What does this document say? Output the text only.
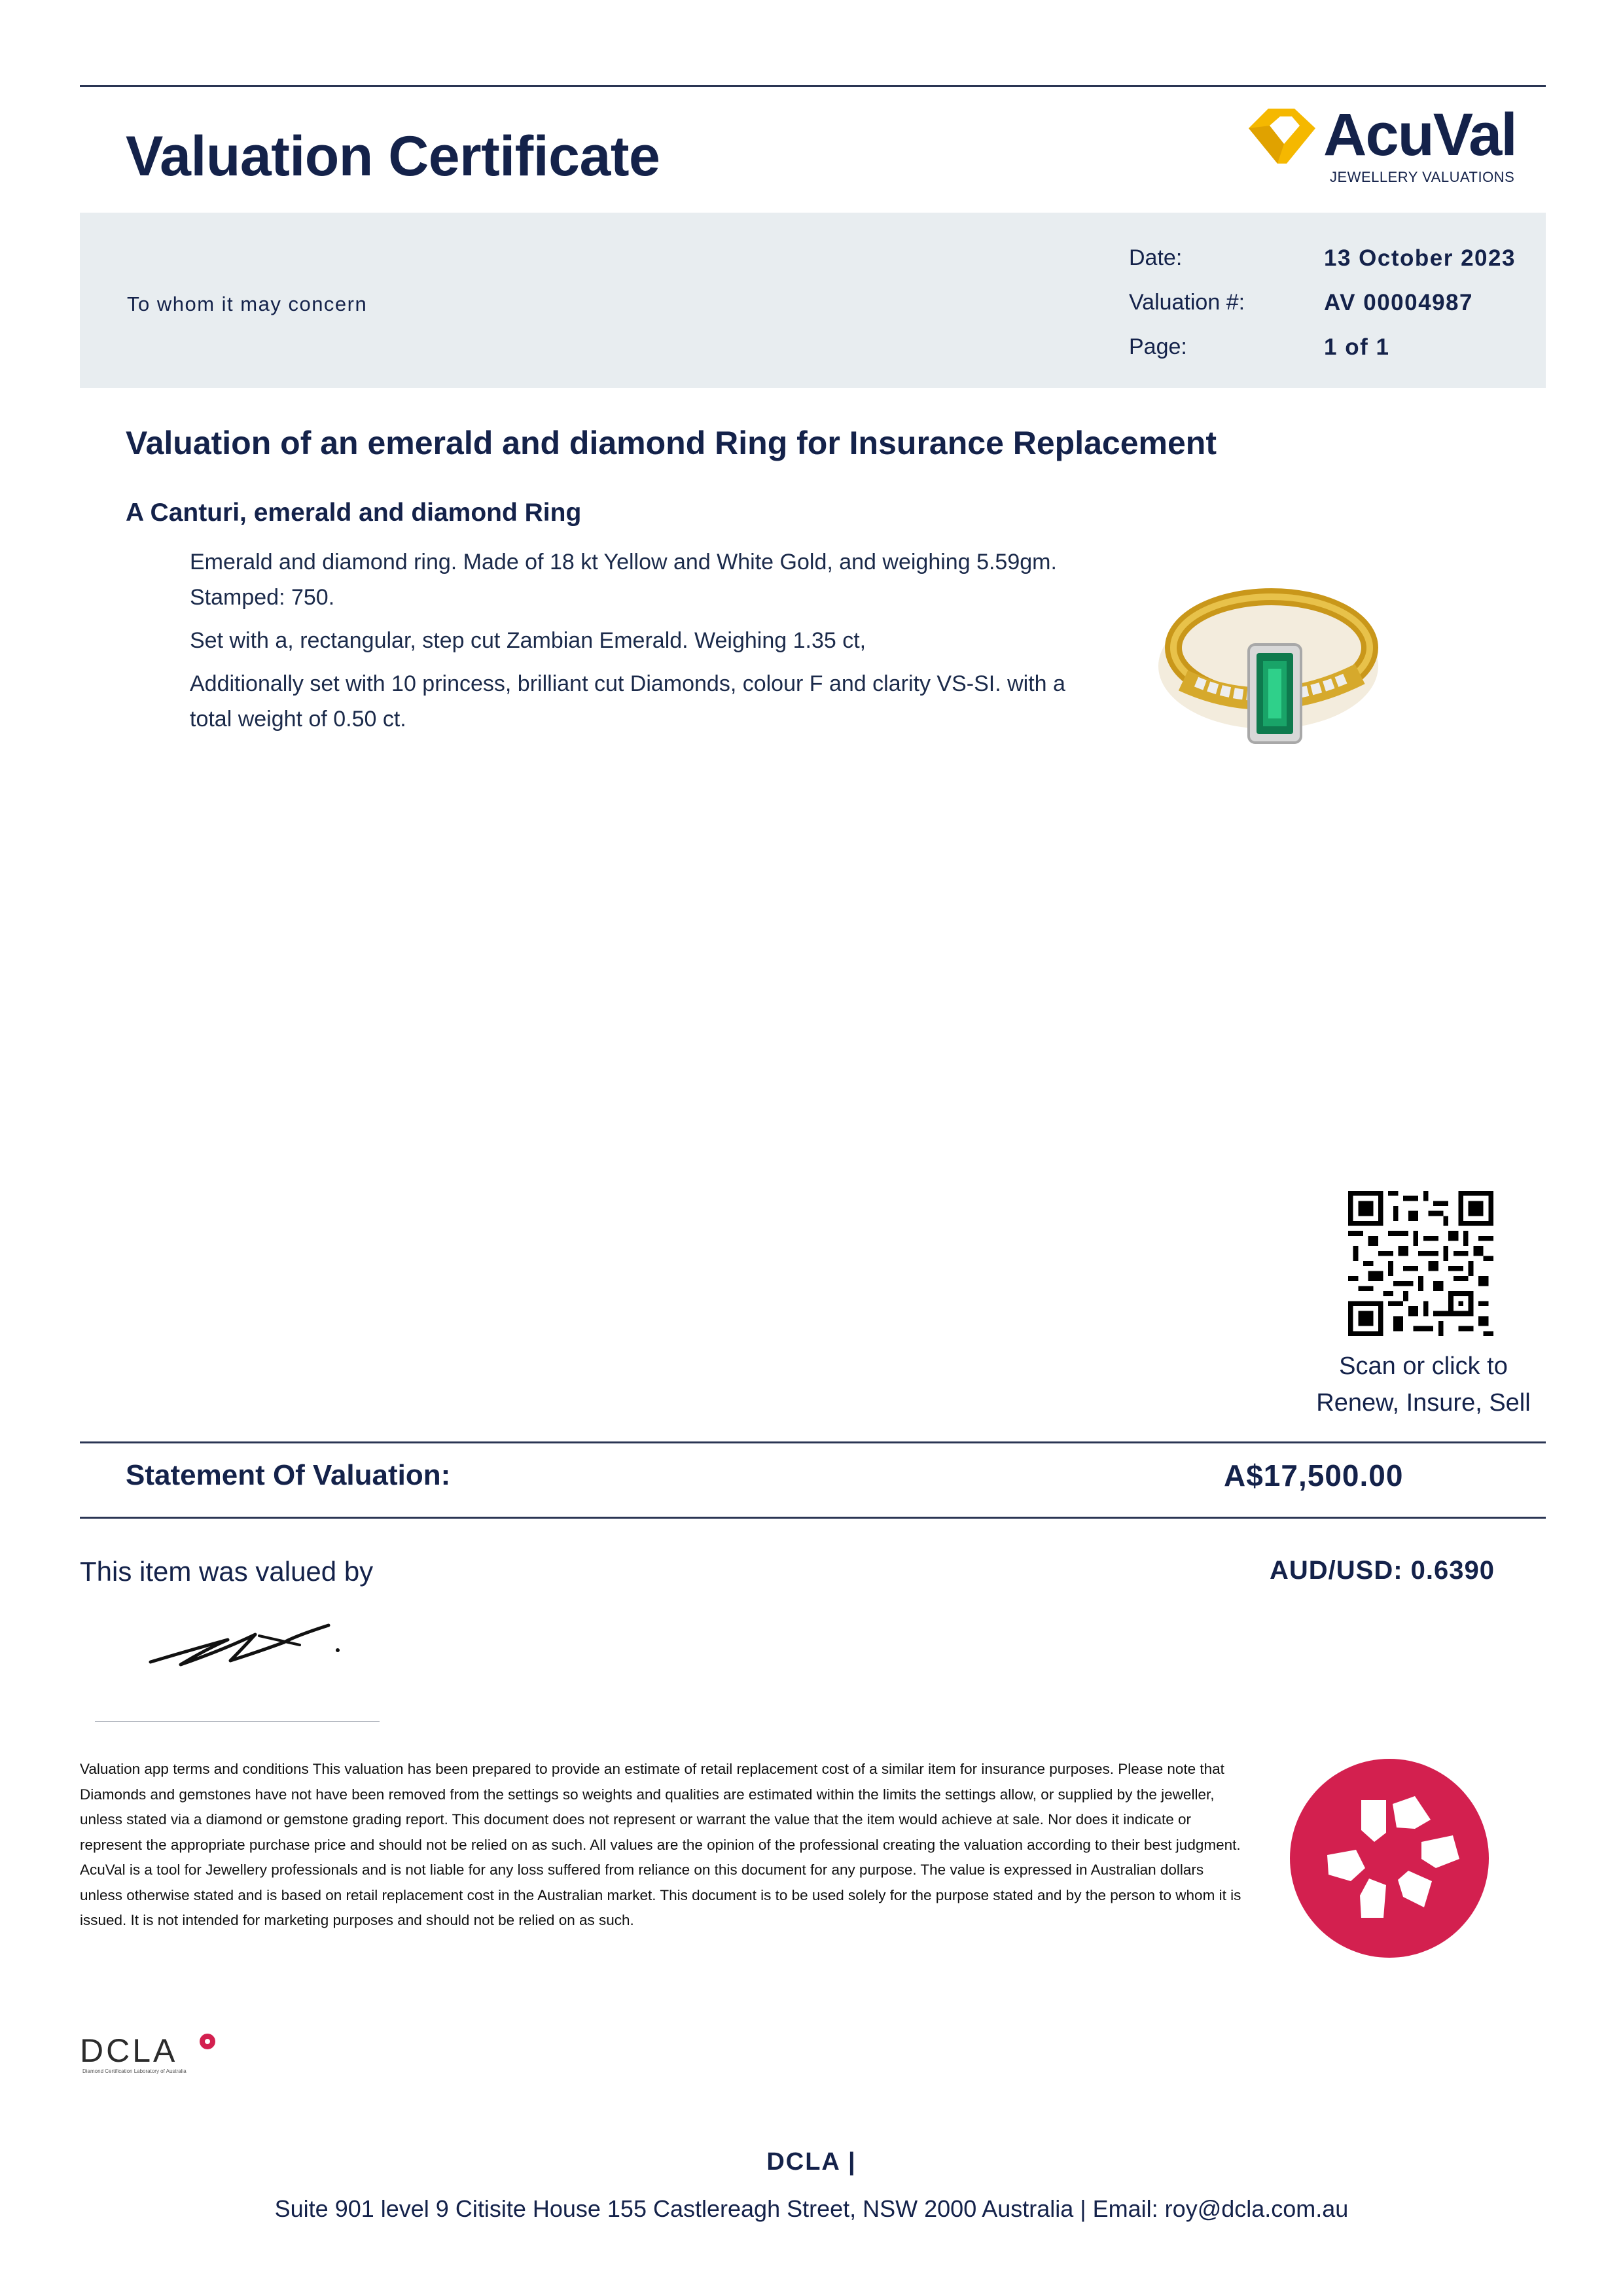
Valuation Certificate	AcuVal
JEWELLERY VALUATIONS
To whom it may concern
Date:	13 October 2023
Valuation #:	AV 00004987
Page:	1 of 1
Valuation of an emerald and diamond Ring for Insurance Replacement
A Canturi, emerald and diamond Ring

Emerald and diamond ring. Made of 18 kt Yellow and White Gold, and weighing 5.59gm. Stamped: 750.

Set with a, rectangular, step cut Zambian Emerald. Weighing 1.35 ct,

Additionally set with 10 princess, brilliant cut Diamonds, colour F and clarity VS-SI. with a total weight of 0.50 ct.

Scan or click to
Renew, Insure, Sell
Statement Of Valuation:	A$17,500.00
This item was valued by	AUD/USD: 0.6390
Valuation app terms and conditions This valuation has been prepared to provide an estimate of retail replacement cost of a similar item for insurance purposes. Please note that Diamonds and gemstones have not have been removed from the settings so weights and qualities are estimated within the limits the settings allow, or supplied by the jeweller, unless stated via a diamond or gemstone grading report. This document does not represent or warrant the value that the item would achieve at sale. Nor does it indicate or represent the appropriate purchase price and should not be relied on as such. All values are the opinion of the professional creating the valuation according to their best judgment. AcuVal is a tool for Jewellery professionals and is not liable for any loss suffered from reliance on this document for any purpose. The value is expressed in Australian dollars unless otherwise stated and is based on retail replacement cost in the Australian market. This document is to be used solely for the purpose stated and by the person to whom it is issued. It is not intended for marketing purposes and should not be relied on as such.
DCLA
Diamond Certification Laboratory of Australia
DCLA |
Suite 901 level 9 Citisite House 155 Castlereagh Street, NSW 2000 Australia | Email: roy@dcla.com.au
